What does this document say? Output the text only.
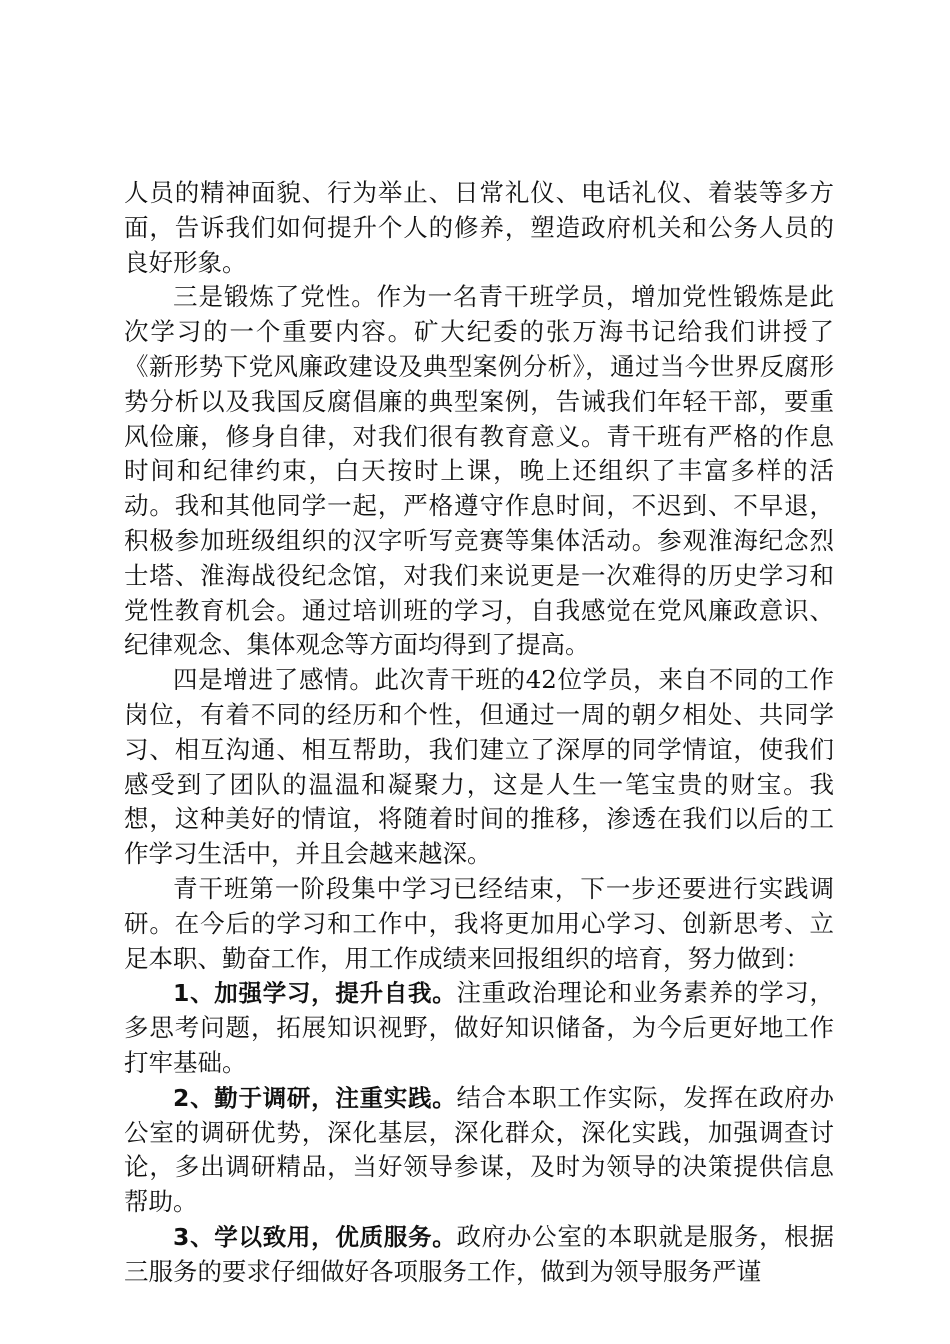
人员的精神面貌、行为举止、日常礼仪、电话礼仪、着装等多方面，告诉我们如何提升个人的修养，塑造政府机关和公务人员的良好形象。

三是锻炼了党性。作为一名青干班学员，增加党性锻炼是此次学习的一个重要内容。矿大纪委的张万海书记给我们讲授了《新形势下党风廉政建设及典型案例分析》，通过当今世界反腐形势分析以及我国反腐倡廉的典型案例，告诫我们年轻干部，要重风俭廉，修身自律，对我们很有教育意义。青干班有严格的作息时间和纪律约束，白天按时上课，晚上还组织了丰富多样的活动。我和其他同学一起，严格遵守作息时间，不迟到、不早退，积极参加班级组织的汉字听写竞赛等集体活动。参观淮海纪念烈士塔、淮海战役纪念馆，对我们来说更是一次难得的历史学习和党性教育机会。通过培训班的学习，自我感觉在党风廉政意识、纪律观念、集体观念等方面均得到了提高。

四是增进了感情。此次青干班的42位学员，来自不同的工作岗位，有着不同的经历和个性，但通过一周的朝夕相处、共同学习、相互沟通、相互帮助，我们建立了深厚的同学情谊，使我们感受到了团队的温温和凝聚力，这是人生一笔宝贵的财宝。我想，这种美好的情谊，将随着时间的推移，渗透在我们以后的工作学习生活中，并且会越来越深。

青干班第一阶段集中学习已经结束，下一步还要进行实践调研。在今后的学习和工作中，我将更加用心学习、创新思考、立足本职、勤奋工作，用工作成绩来回报组织的培育，努力做到：

1、加强学习，提升自我。注重政治理论和业务素养的学习，多思考问题，拓展知识视野，做好知识储备，为今后更好地工作打牢基础。

2、勤于调研，注重实践。结合本职工作实际，发挥在政府办公室的调研优势，深化基层，深化群众，深化实践，加强调查讨论，多出调研精品，当好领导参谋，及时为领导的决策提供信息帮助。

3、学以致用，优质服务。政府办公室的本职就是服务，根据三服务的要求仔细做好各项服务工作，做到为领导服务严谨
